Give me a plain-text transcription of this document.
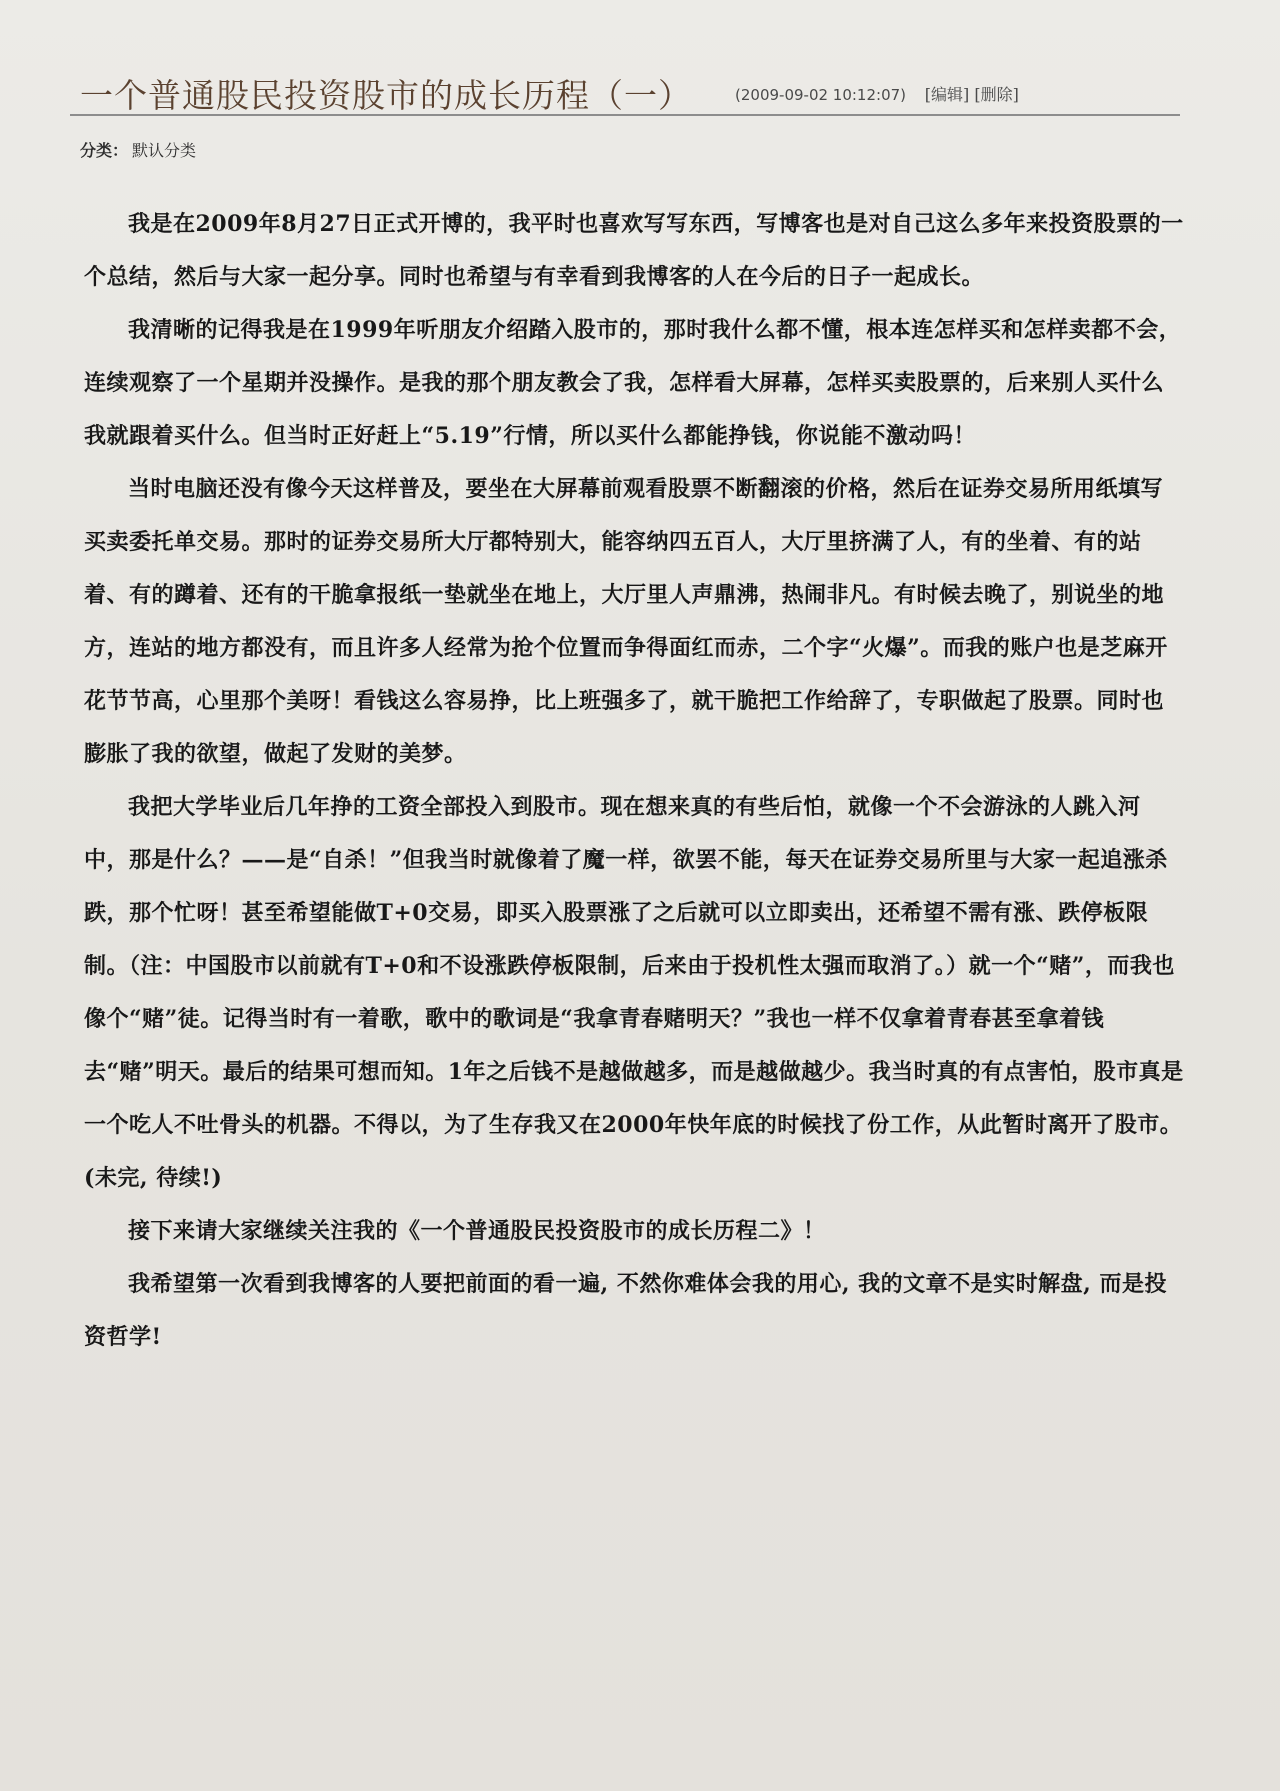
一个普通股民投资股市的成长历程（一）	(2009-09-02 10:12:07) [编辑] [删除]
分类： 默认分类

我是在2009年8月27日正式开博的，我平时也喜欢写写东西，写博客也是对自己这么多年来投资股票的一个总结，然后与大家一起分享。同时也希望与有幸看到我博客的人在今后的日子一起成长。

我清晰的记得我是在1999年听朋友介绍踏入股市的，那时我什么都不懂，根本连怎样买和怎样卖都不会，连续观察了一个星期并没操作。是我的那个朋友教会了我，怎样看大屏幕，怎样买卖股票的，后来别人买什么我就跟着买什么。但当时正好赶上“5.19”行情，所以买什么都能挣钱，你说能不激动吗！

当时电脑还没有像今天这样普及，要坐在大屏幕前观看股票不断翻滚的价格，然后在证券交易所用纸填写买卖委托单交易。那时的证券交易所大厅都特别大，能容纳四五百人，大厅里挤满了人，有的坐着、有的站着、有的蹲着、还有的干脆拿报纸一垫就坐在地上，大厅里人声鼎沸，热闹非凡。有时候去晚了，别说坐的地方，连站的地方都没有，而且许多人经常为抢个位置而争得面红而赤，二个字“火爆”。而我的账户也是芝麻开花节节高，心里那个美呀！看钱这么容易挣，比上班强多了，就干脆把工作给辞了，专职做起了股票。同时也膨胀了我的欲望，做起了发财的美梦。

我把大学毕业后几年挣的工资全部投入到股市。现在想来真的有些后怕，就像一个不会游泳的人跳入河中，那是什么？——是“自杀！”但我当时就像着了魔一样，欲罢不能，每天在证券交易所里与大家一起追涨杀跌，那个忙呀！甚至希望能做T+0交易，即买入股票涨了之后就可以立即卖出，还希望不需有涨、跌停板限制。（注：中国股市以前就有T+0和不设涨跌停板限制，后来由于投机性太强而取消了。）就一个“赌”，而我也像个“赌”徒。记得当时有一着歌，歌中的歌词是“我拿青春赌明天？”我也一样不仅拿着青春甚至拿着钱去“赌”明天。最后的结果可想而知。1年之后钱不是越做越多，而是越做越少。我当时真的有点害怕，股市真是一个吃人不吐骨头的机器。不得以，为了生存我又在2000年快年底的时候找了份工作，从此暂时离开了股市。(未完, 待续!)

接下来请大家继续关注我的《一个普通股民投资股市的成长历程二》！

我希望第一次看到我博客的人要把前面的看一遍, 不然你难体会我的用心, 我的文章不是实时解盘, 而是投资哲学!
